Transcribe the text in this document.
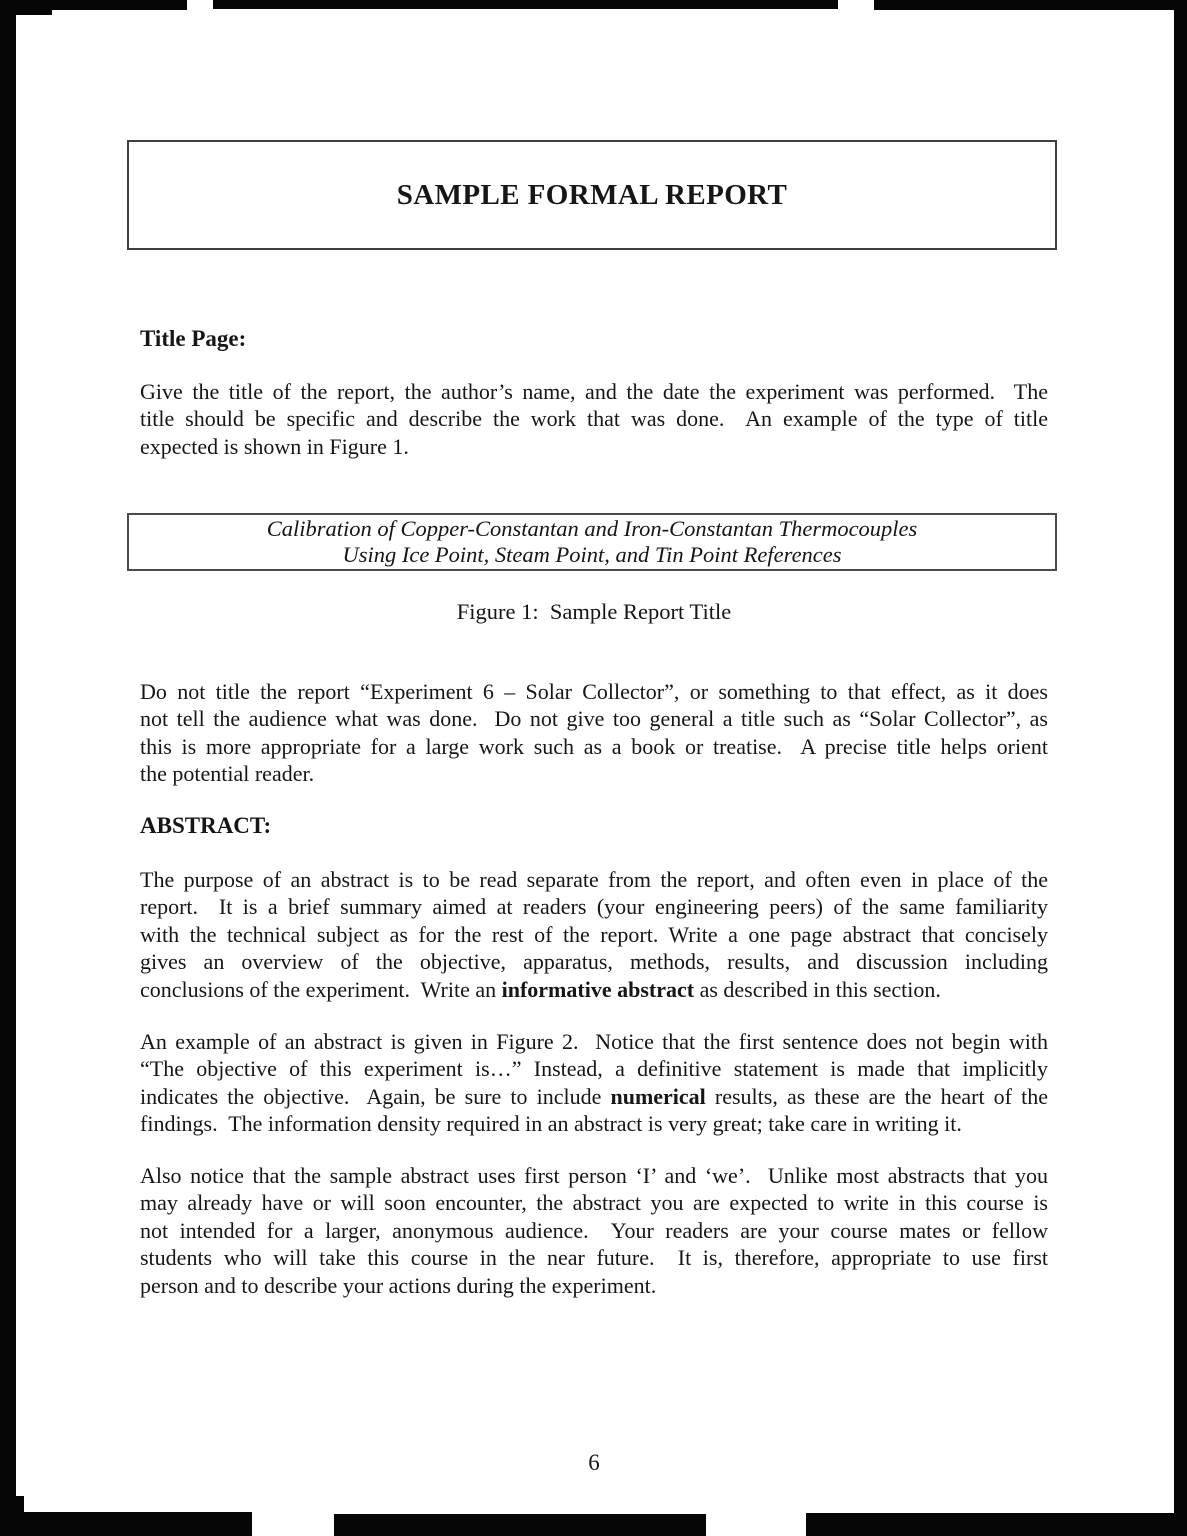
SAMPLE FORMAL REPORT
Title Page:
Give the title of the report, the author’s name, and the date the experiment was performed.  The
title should be specific and describe the work that was done.  An example of the type of title
expected is shown in Figure 1.
Calibration of Copper-Constantan and Iron-Constantan Thermocouples
Using Ice Point, Steam Point, and Tin Point References
Figure 1:  Sample Report Title
Do not title the report “Experiment 6 – Solar Collector”, or something to that effect, as it does
not tell the audience what was done.  Do not give too general a title such as “Solar Collector”, as
this is more appropriate for a large work such as a book or treatise.  A precise title helps orient
the potential reader.
ABSTRACT:
The purpose of an abstract is to be read separate from the report, and often even in place of the
report.  It is a brief summary aimed at readers (your engineering peers) of the same familiarity
with the technical subject as for the rest of the report. Write a one page abstract that concisely
gives an overview of the objective, apparatus, methods, results, and discussion including
conclusions of the experiment.  Write an informative abstract as described in this section.
An example of an abstract is given in Figure 2.  Notice that the first sentence does not begin with
“The objective of this experiment is…” Instead, a definitive statement is made that implicitly
indicates the objective.  Again, be sure to include numerical results, as these are the heart of the
findings.  The information density required in an abstract is very great; take care in writing it.
Also notice that the sample abstract uses first person ‘I’ and ‘we’.  Unlike most abstracts that you
may already have or will soon encounter, the abstract you are expected to write in this course is
not intended for a larger, anonymous audience.  Your readers are your course mates or fellow
students who will take this course in the near future.  It is, therefore, appropriate to use first
person and to describe your actions during the experiment.
6
